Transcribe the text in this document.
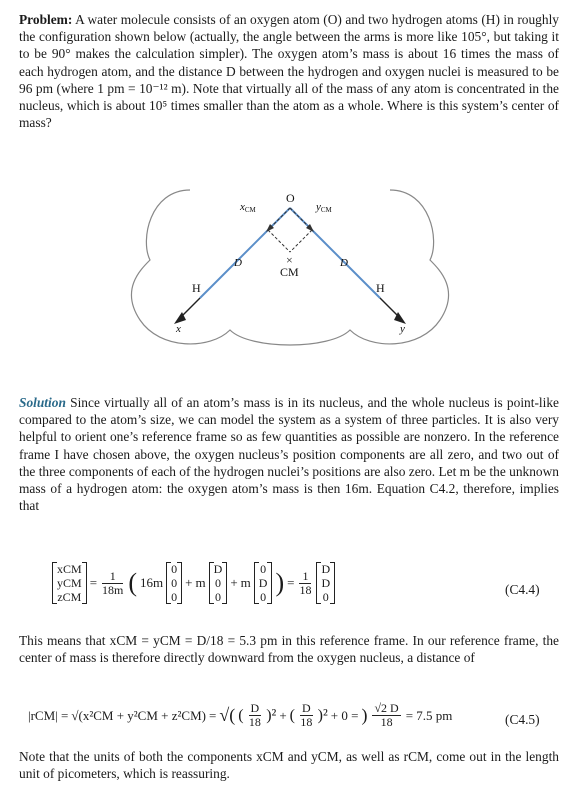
Problem: A water molecule consists of an oxygen atom (O) and two hydrogen atoms (H) in roughly the configuration shown below (actually, the angle between the arms is more like 105°, but taking it to be 90° makes the calculation simpler). The oxygen atom’s mass is about 16 times the mass of each hydrogen atom, and the distance D between the hydrogen and oxygen nuclei is measured to be 96 pm (where 1 pm = 10⁻¹² m). Note that virtually all of the mass of any atom is concentrated in the nucleus, which is about 10⁵ times smaller than the atom as a whole. Where is this system’s center of mass?
O
xCM	yCM
D	D
×
CM
H	H
x	y
Solution Since virtually all of an atom’s mass is in its nucleus, and the whole nucleus is point-like compared to the atom’s size, we can model the system as a system of three particles. It is also very helpful to orient one’s reference frame so as few quantities as possible are nonzero. In the reference frame I have chosen above, the oxygen nucleus’s position components are all zero, and two out of the three components of each of the hydrogen nuclei’s positions are also zero. Let m be the unknown mass of a hydrogen atom: the oxygen atom’s mass is then 16m. Equation C4.2, therefore, implies that
xCM
yCM
zCM
= $\frac{1}{18m}$ ( 16m
0
0
0
+ m
D
0
0
+ m
0
D
0 ) = $\frac{1}{18}$
D
D
0	(C4.4)
This means that xCM = yCM = D/18 = 5.3 pm in this reference frame. In our reference frame, the center of mass is therefore directly downward from the oxygen nucleus, a distance of
|rCM| = √(x²CM + y²CM + z²CM) = √( ( $\frac{D}{18} )^2$ + ( $\frac{D}{18} )^2 + 0$ = ) $\frac{√2 D}{18} = 7.5$ pm	(C4.5)
Note that the units of both the components xCM and yCM, as well as rCM, come out in the length unit of picometers, which is reassuring.
